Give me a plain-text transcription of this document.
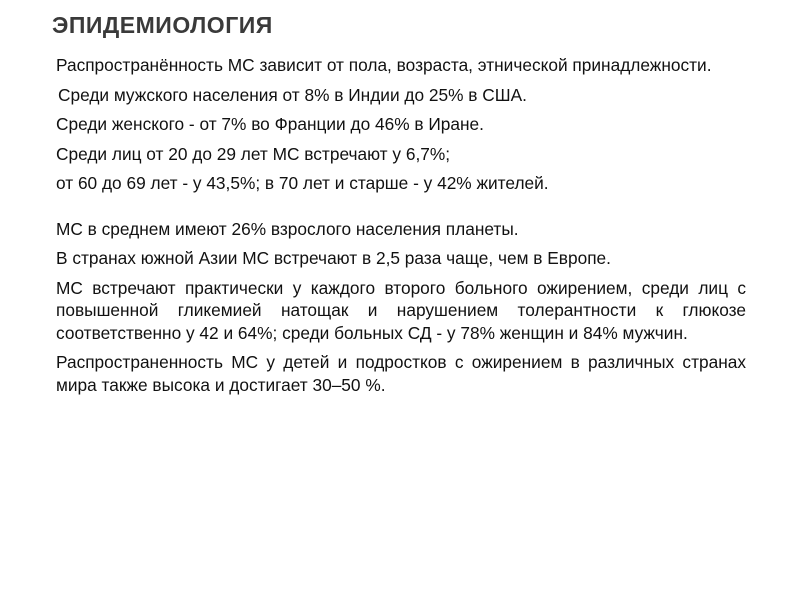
ЭПИДЕМИОЛОГИЯ

Распространённость МС зависит от пола, возраста, этнической принадлежности.

Среди мужского населения от 8% в Индии до 25% в США.

Среди женского - от 7% во Франции до 46% в Иране.

Среди лиц от 20 до 29 лет МС встречают у 6,7%;

от 60 до 69 лет - у 43,5%; в 70 лет и старше - у 42% жителей.

МС в среднем имеют 26% взрослого населения планеты.

В странах южной Азии МС встречают в 2,5 раза чаще, чем в Европе.

МС встречают практически у каждого второго больного ожирением, среди лиц с повышенной гликемией натощак и нарушением толерантности к глюкозе соответственно у 42 и 64%; среди больных СД - у 78% женщин и 84% мужчин.

Распространенность МС у детей и подростков с ожирением в различных странах мира также высока и достигает 30–50 %.
